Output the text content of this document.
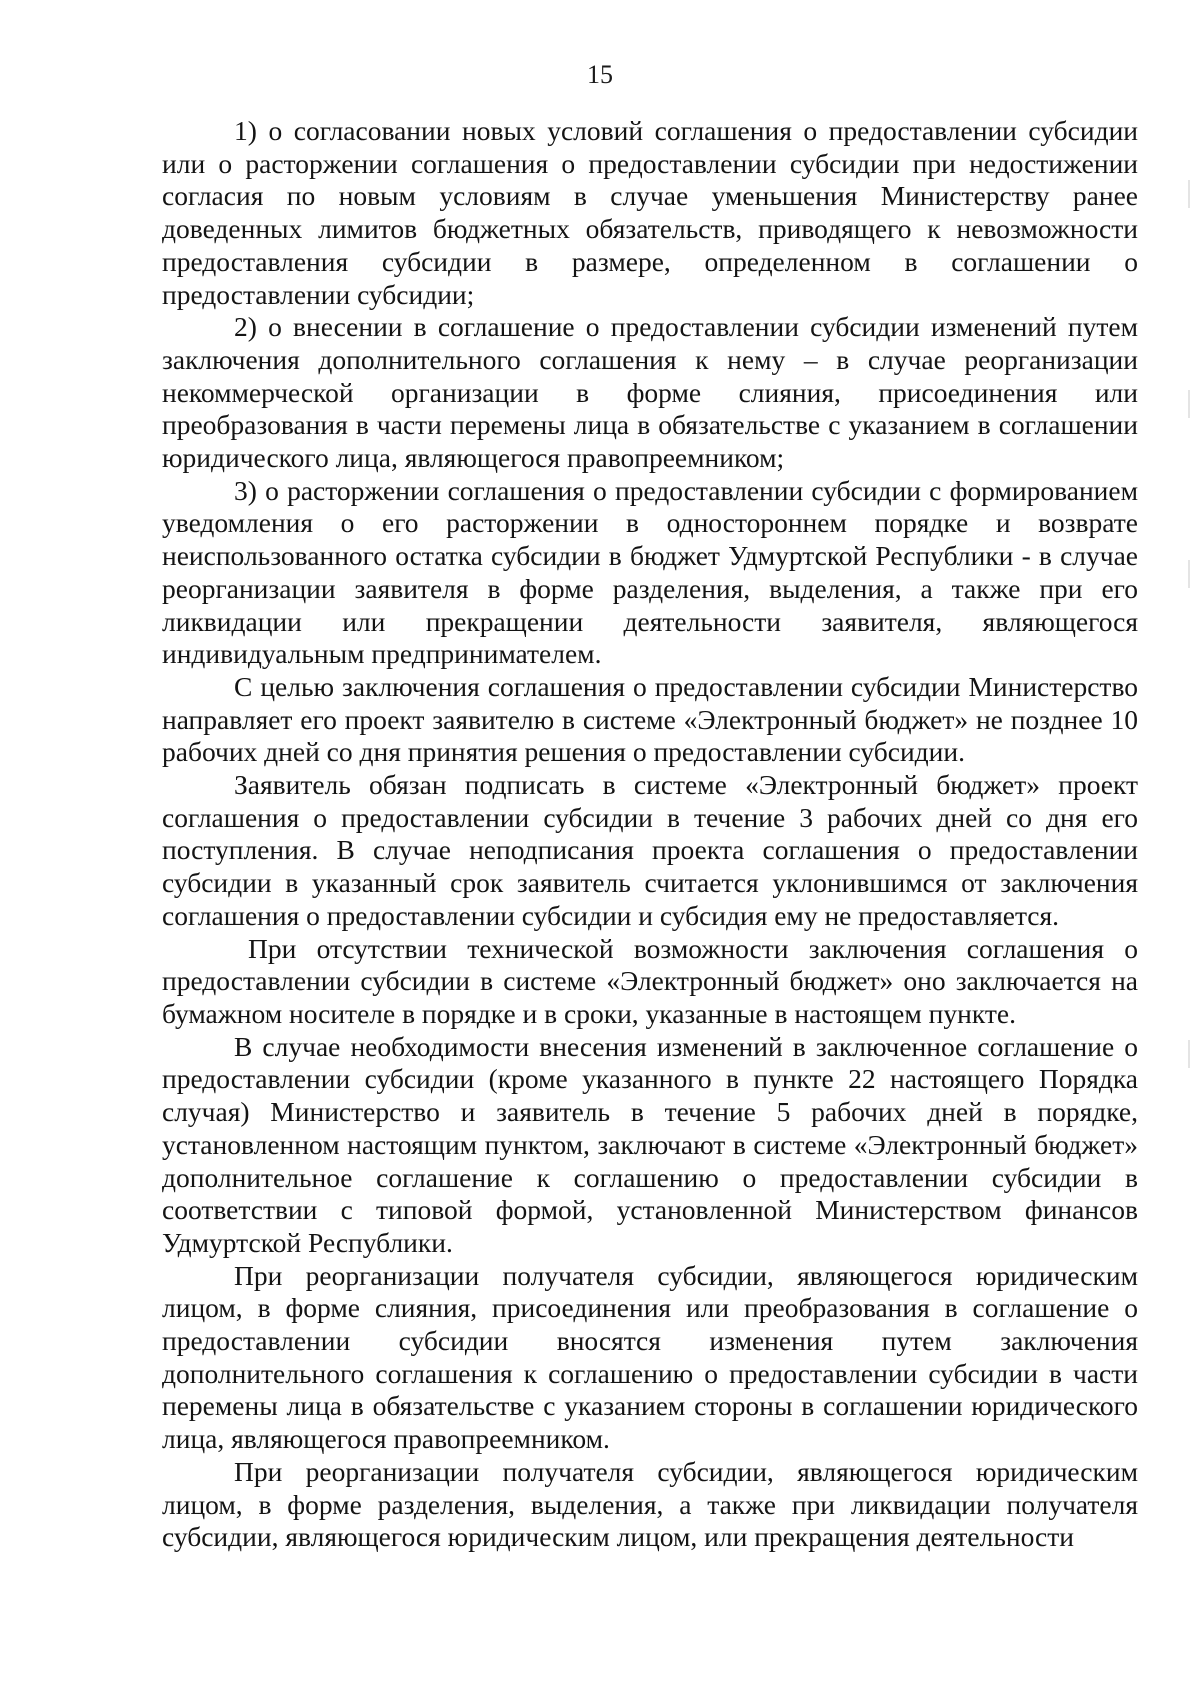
15

1) о согласовании новых условий соглашения о предоставлении субсидии или о расторжении соглашения о предоставлении субсидии при недостижении согласия по новым условиям в случае уменьшения Министерству ранее доведенных лимитов бюджетных обязательств, приводящего к невозможности предоставления субсидии в размере, определенном в соглашении о предоставлении субсидии;

2) о внесении в соглашение о предоставлении субсидии изменений путем заключения дополнительного соглашения к нему – в случае реорганизации некоммерческой организации в форме слияния, присоединения или преобразования в части перемены лица в обязательстве с указанием в соглашении юридического лица, являющегося правопреемником;

3) о расторжении соглашения о предоставлении субсидии с формированием уведомления о его расторжении в одностороннем порядке и возврате неиспользованного остатка субсидии в бюджет Удмуртской Республики - в случае реорганизации заявителя в форме разделения, выделения, а также при его ликвидации или прекращении деятельности заявителя, являющегося индивидуальным предпринимателем.

С целью заключения соглашения о предоставлении субсидии Министерство направляет его проект заявителю в системе «Электронный бюджет» не позднее 10 рабочих дней со дня принятия решения о предоставлении субсидии.

Заявитель обязан подписать в системе «Электронный бюджет» проект соглашения о предоставлении субсидии в течение 3 рабочих дней со дня его поступления. В случае неподписания проекта соглашения о предоставлении субсидии в указанный срок заявитель считается уклонившимся от заключения соглашения о предоставлении субсидии и субсидия ему не предоставляется.

При отсутствии технической возможности заключения соглашения о предоставлении субсидии в системе «Электронный бюджет» оно заключается на бумажном носителе в порядке и в сроки, указанные в настоящем пункте.

В случае необходимости внесения изменений в заключенное соглашение о предоставлении субсидии (кроме указанного в пункте 22 настоящего Порядка случая) Министерство и заявитель в течение 5 рабочих дней в порядке, установленном настоящим пунктом, заключают в системе «Электронный бюджет» дополнительное соглашение к соглашению о предоставлении субсидии в соответствии с типовой формой, установленной Министерством финансов Удмуртской Республики.

При реорганизации получателя субсидии, являющегося юридическим лицом, в форме слияния, присоединения или преобразования в соглашение о предоставлении субсидии вносятся изменения путем заключения дополнительного соглашения к соглашению о предоставлении субсидии в части перемены лица в обязательстве с указанием стороны в соглашении юридического лица, являющегося правопреемником.

При реорганизации получателя субсидии, являющегося юридическим лицом, в форме разделения, выделения, а также при ликвидации получателя субсидии, являющегося юридическим лицом, или прекращения деятельности
